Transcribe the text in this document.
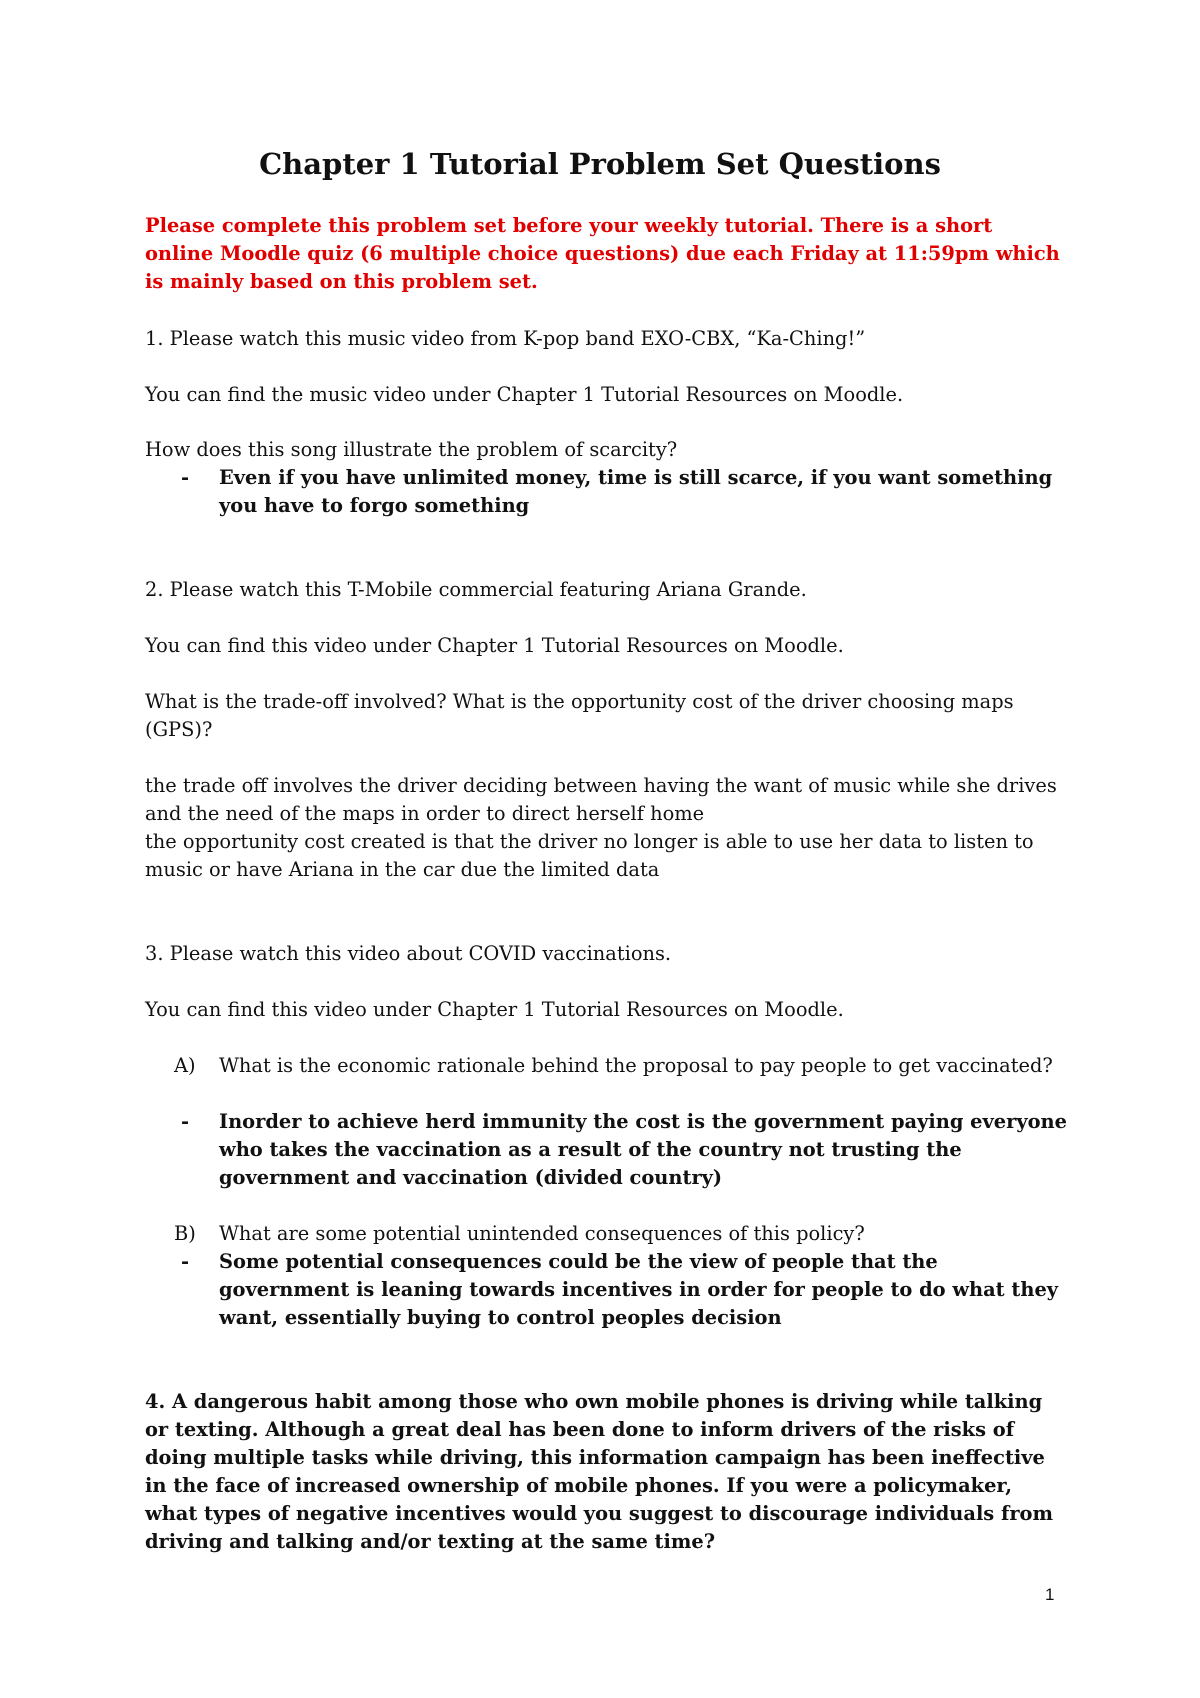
Chapter 1 Tutorial Problem Set Questions
Please complete this problem set before your weekly tutorial. There is a short online Moodle quiz (6 multiple choice questions) due each Friday at 11:59pm which is mainly based on this problem set.
1. Please watch this music video from K-pop band EXO-CBX, “Ka-Ching!”
You can find the music video under Chapter 1 Tutorial Resources on Moodle.
How does this song illustrate the problem of scarcity?
-	Even if you have unlimited money, time is still scarce, if you want something you have to forgo something
2. Please watch this T-Mobile commercial featuring Ariana Grande.
You can find this video under Chapter 1 Tutorial Resources on Moodle.
What is the trade-off involved? What is the opportunity cost of the driver choosing maps (GPS)?
the trade off involves the driver deciding between having the want of music while she drives and the need of the maps in order to direct herself home
the opportunity cost created is that the driver no longer is able to use her data to listen to music or have Ariana in the car due the limited data
3. Please watch this video about COVID vaccinations.
You can find this video under Chapter 1 Tutorial Resources on Moodle.
A)	What is the economic rationale behind the proposal to pay people to get vaccinated?
-	Inorder to achieve herd immunity the cost is the government paying everyone who takes the vaccination as a result of the country not trusting the government and vaccination (divided country)
B)	What are some potential unintended consequences of this policy?
-	Some potential consequences could be the view of people that the government is leaning towards incentives in order for people to do what they want, essentially buying to control peoples decision
4. A dangerous habit among those who own mobile phones is driving while talking or texting. Although a great deal has been done to inform drivers of the risks of doing multiple tasks while driving, this information campaign has been ineffective in the face of increased ownership of mobile phones. If you were a policymaker, what types of negative incentives would you suggest to discourage individuals from driving and talking and/or texting at the same time?
1
